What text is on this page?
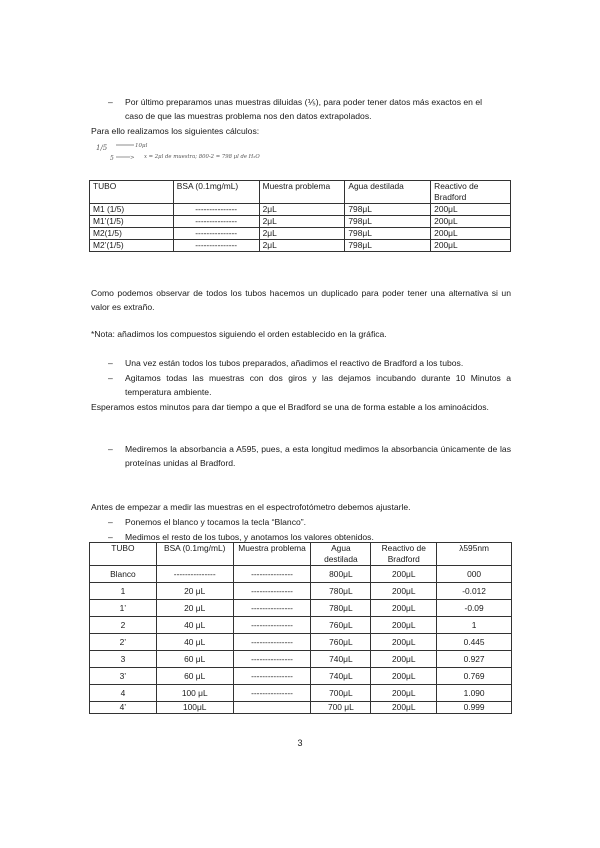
– Por último preparamos unas muestras diluidas (⅕), para poder tener datos más exactos en el
caso de que las muestras problema nos den datos extrapolados.
Para ello realizamos los siguientes cálculos:
1/5
5
10μl
> x = 2μl de muestra; 800-2 = 798 μl de H₂O
TUBO	BSA (0.1mg/mL)	Muestra problema	Agua destilada	Reactivo de Bradford
M1 (1/5)	---------------	2μL	798μL	200μL
M1’(1/5)	---------------	2μL	798μL	200μL
M2(1/5)	---------------	2μL	798μL	200μL
M2’(1/5)	---------------	2μL	798μL	200μL
Como podemos observar de todos los tubos hacemos un duplicado para poder tener una alternativa si un valor es extraño.
*Nota: añadimos los compuestos siguiendo el orden establecido en la gráfica.
– Una vez están todos los tubos preparados, añadimos el reactivo de Bradford a los tubos.
– Agitamos todas las muestras con dos giros y las dejamos incubando durante 10 Minutos a temperatura ambiente.
Esperamos estos minutos para dar tiempo a que el Bradford se una de forma estable a los aminoácidos.
– Mediremos la absorbancia a A595, pues, a esta longitud medimos la absorbancia únicamente de las proteínas unidas al Bradford.
Antes de empezar a medir las muestras en el espectrofotómetro debemos ajustarle.
– Ponemos el blanco y tocamos la tecla “Blanco”.
– Medimos el resto de los tubos, y anotamos los valores obtenidos.
TUBO	BSA (0.1mg/mL)	Muestra problema	Agua destilada	Reactivo de Bradford	λ595nm
Blanco	---------------	---------------	800μL	200μL	000
1	20 μL	---------------	780μL	200μL	-0.012
1’	20 μL	---------------	780μL	200μL	-0.09
2	40 μL	---------------	760μL	200μL	1
2’	40 μL	---------------	760μL	200μL	0.445
3	60 μL	---------------	740μL	200μL	0.927
3’	60 μL	---------------	740μL	200μL	0.769
4	100 μL	---------------	700μL	200μL	1.090
4’	100μL		700 μL	200μL	0.999
3
